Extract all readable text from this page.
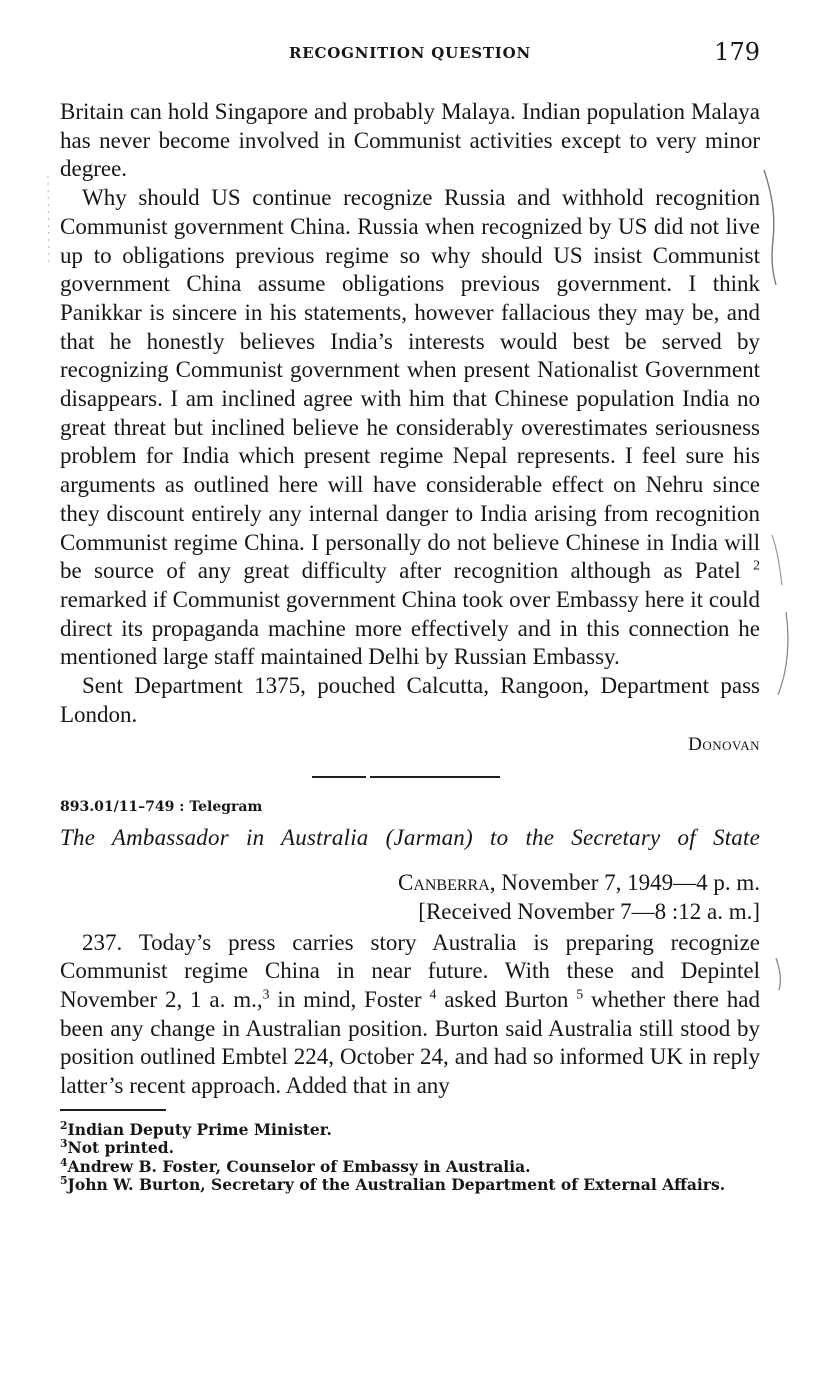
RECOGNITION QUESTION	179

Britain can hold Singapore and probably Malaya. Indian population Malaya has never become involved in Communist activities except to very minor degree.

Why should US continue recognize Russia and withhold recognition Communist government China. Russia when recognized by US did not live up to obligations previous regime so why should US insist Communist government China assume obligations previous government. I think Panikkar is sincere in his statements, however fallacious they may be, and that he honestly believes India’s interests would best be served by recognizing Communist government when present Nationalist Government disappears. I am inclined agree with him that Chinese population India no great threat but inclined believe he considerably overestimates seriousness problem for India which present regime Nepal represents. I feel sure his arguments as outlined here will have considerable effect on Nehru since they discount entirely any internal danger to India arising from recognition Communist regime China. I personally do not believe Chinese in India will be source of any great difficulty after recognition although as Patel $^2$ remarked if Communist government China took over Embassy here it could direct its propaganda machine more effectively and in this connection he mentioned large staff maintained Delhi by Russian Embassy.

Sent Department 1375, pouched Calcutta, Rangoon, Department pass London.

Donovan
893.01/11–749 : Telegram
The Ambassador in Australia (Jarman) to the Secretary of State
Canberra, November 7, 1949—4 p. m.
[Received November 7—8 :12 a. m.]

237. Today’s press carries story Australia is preparing recognize Communist regime China in near future. With these and Depintel November 2, 1 a. m.,$^3$ in mind, Foster $^4$ asked Burton $^5$ whether there had been any change in Australian position. Burton said Australia still stood by position outlined Embtel 224, October 24, and had so informed UK in reply latter’s recent approach. Added that in any

$^2$Indian Deputy Prime Minister.
$^3$Not printed.
$^4$Andrew B. Foster, Counselor of Embassy in Australia.
$^5$John W. Burton, Secretary of the Australian Department of External Affairs.
